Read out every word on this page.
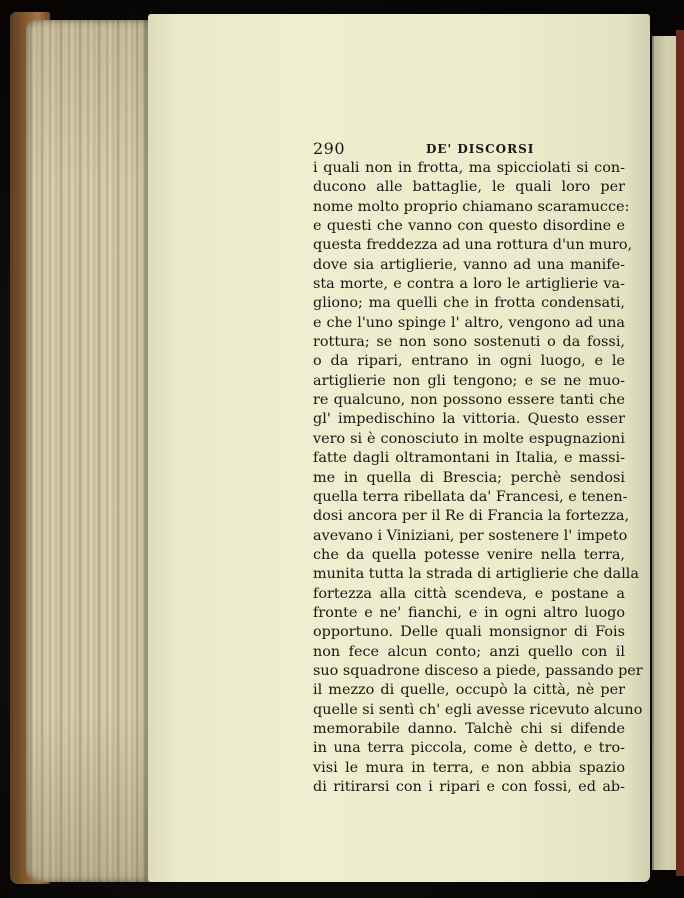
290	DE' DISCORSI
i quali non in frotta, ma spicciolati si con-
ducono alle battaglie, le quali loro per
nome molto proprio chiamano scaramucce:
e questi che vanno con questo disordine e
questa freddezza ad una rottura d'un muro,
dove sia artiglierie, vanno ad una manife-
sta morte, e contra a loro le artiglierie va-
gliono; ma quelli che in frotta condensati,
e che l'uno spinge l' altro, vengono ad una
rottura; se non sono sostenuti o da fossi,
o da ripari, entrano in ogni luogo, e le
artiglierie non gli tengono; e se ne muo-
re qualcuno, non possono essere tanti che
gl' impedischino la vittoria. Questo esser
vero si è conosciuto in molte espugnazioni
fatte dagli oltramontani in Italia, e massi-
me in quella di Brescia; perchè sendosi
quella terra ribellata da' Francesi, e tenen-
dosi ancora per il Re di Francia la fortezza,
avevano i Viniziani, per sostenere l' impeto
che da quella potesse venire nella terra,
munita tutta la strada di artiglierie che dalla
fortezza alla città scendeva, e postane a
fronte e ne' fianchi, e in ogni altro luogo
opportuno. Delle quali monsignor di Fois
non fece alcun conto; anzi quello con il
suo squadrone disceso a piede, passando per
il mezzo di quelle, occupò la città, nè per
quelle si sentì ch' egli avesse ricevuto alcuno
memorabile danno. Talchè chi si difende
in una terra piccola, come è detto, e tro-
visi le mura in terra, e non abbia spazio
di ritirarsi con i ripari e con fossi, ed ab-
